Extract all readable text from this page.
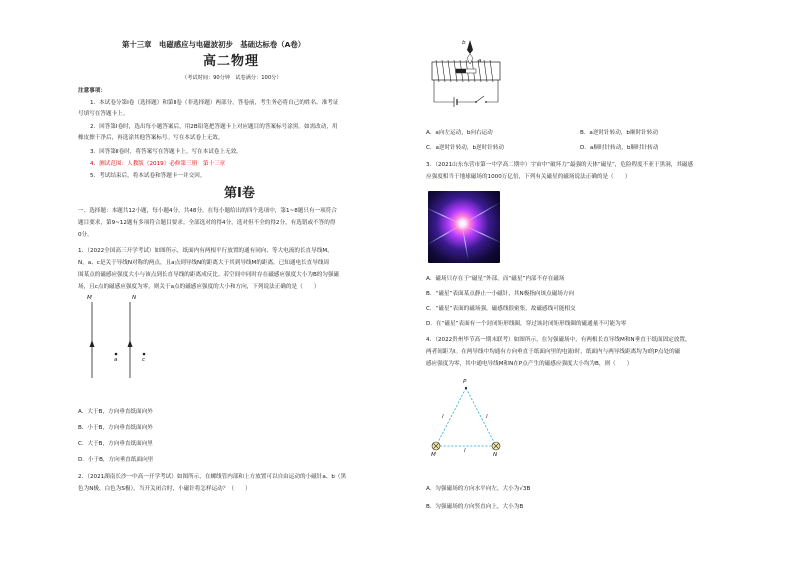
第十三章　电磁感应与电磁波初步　基础达标卷（A卷）
高二物理
（考试时间：90分钟　试卷满分：100分）
注意事项：
1．本试卷分第Ⅰ卷（选择题）和第Ⅱ卷（非选择题）两部分。答卷前，考生务必将自己的姓名、准考证
号填写在答题卡上。
2．回答第Ⅰ卷时，选出每小题答案后，用2B铅笔把答题卡上对应题目的答案标号涂黑。如需改动，用
橡皮擦干净后，再选涂其他答案标号。写在本试卷上无效。
3．回答第Ⅱ卷时，将答案写在答题卡上。写在本试卷上无效。
4．测试范围：人教版（2019）必修第三册　第十三章
5．考试结束后，将本试卷和答题卡一并交回。
第Ⅰ卷
一、选择题：本题共12小题，每小题4分，共48分。在每小题给出的四个选项中，第1~8题只有一项符合
题目要求，第9~12题有多项符合题目要求。全部选对的得4分，选对但不全的得2分，有选错或不答的得
0分。
1．（2022全国高三开学考试）如图所示，纸面内有两根平行放置的通有同向、等大电流的长直导线M、
N，a、c是关于导线N对称的两点，且a点到导线N的距离大于其到导线M的距离。已知通电长直导线周
围某点的磁感应强度大小与该点到长直导线的距离成反比。若空间中同时存在磁感应强度大小为B的匀强磁
场，且c点的磁感应强度为零，则关于a点的磁感应强度的大小和方向，下列说法正确的是（　　）
M	N
a	c
A．大于B，方向垂直纸面向外
B．小于B，方向垂直纸面向外
C．大于B，方向垂直纸面向里
D．小于B，方向垂直纸面向里
2．（2021湖南长沙一中高一开学考试）如图所示，在螺线管内部和上方放置可以自由运动的小磁针a、b（黑
色为N极，白色为S极）。当开关闭合时，小磁针将怎样运动？（　　）
b
a
A．a向左运动，b向右运动	B．a逆时针转动，b顺时针转动
C．a逆时针转动，b逆时针转动	D．a顺时针转动，b顺时针转动
3．（2021山东东营市第一中学高二期中）宇宙中“破坏力”最强的天体“磁星”，危险程度不亚于黑洞，其磁感
应强度相当于地球磁场的1000万亿倍，下列有关磁星的磁场说法正确的是（　　）
A．磁场只存在于“磁星”外部，而“磁星”内部不存在磁场
B．“磁星”表面某点静止一小磁针，其N极指向该点磁场方向
C．“磁星”表面的磁场强，磁感线很密集，故磁感线可能相交
D．在“磁星”表面有一个封闭矩形线圈，穿过该封闭矩形线圈的磁通量不可能为零
4．（2022贵州毕节高一期末联考）如图所示，在匀强磁场中，有两根长直导线M和N垂直于纸面固定放置，
两者间距为l。在两导线中均通有方向垂直于纸面向里的电流I时，纸面内与两导线距离均为l的P点处的磁
感应强度为零，其中通电导线M和N在P点产生的磁感应强度大小均为B，则（　　）
P
l	l
l
M	N
A．匀强磁场的方向水平向左，大小为√3B
B．匀强磁场的方向竖直向上，大小为B
